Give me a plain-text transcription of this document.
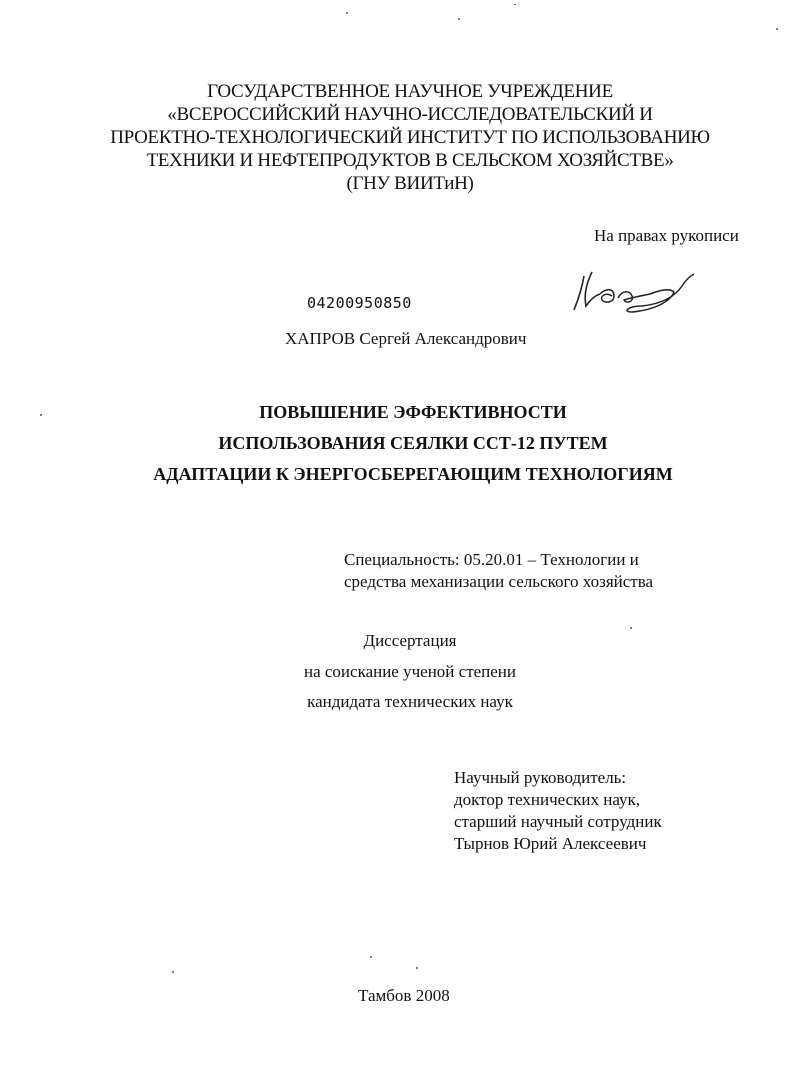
ГОСУДАРСТВЕННОЕ НАУЧНОЕ УЧРЕЖДЕНИЕ
«ВСЕРОССИЙСКИЙ НАУЧНО-ИССЛЕДОВАТЕЛЬСКИЙ И
ПРОЕКТНО-ТЕХНОЛОГИЧЕСКИЙ ИНСТИТУТ ПО ИСПОЛЬЗОВАНИЮ
ТЕХНИКИ И НЕФТЕПРОДУКТОВ В СЕЛЬСКОМ ХОЗЯЙСТВЕ»
(ГНУ ВИИТиН)
На правах рукописи
04200950850
ХАПРОВ Сергей Александрович
ПОВЫШЕНИЕ ЭФФЕКТИВНОСТИ
ИСПОЛЬЗОВАНИЯ СЕЯЛКИ ССТ-12 ПУТЕМ
АДАПТАЦИИ К ЭНЕРГОСБЕРЕГАЮЩИМ ТЕХНОЛОГИЯМ
Специальность: 05.20.01 – Технологии и
средства механизации сельского хозяйства
Диссертация
на соискание ученой степени
кандидата технических наук
Научный руководитель:
доктор технических наук,
старший научный сотрудник
Тырнов Юрий Алексеевич
Тамбов 2008
